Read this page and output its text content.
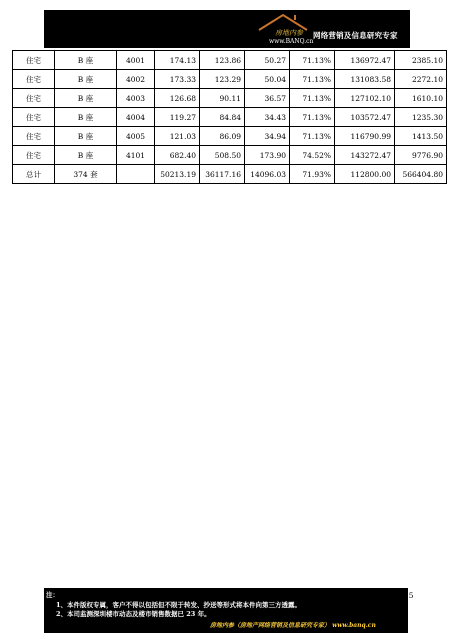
房地内参
www.BANQ.cn
网络营销及信息研究专家
住宅	B 座	4001	174.13	123.86	50.27	71.13%	136972.47	2385.10
住宅	B 座	4002	173.33	123.29	50.04	71.13%	131083.58	2272.10
住宅	B 座	4003	126.68	90.11	36.57	71.13%	127102.10	1610.10
住宅	B 座	4004	119.27	84.84	34.43	71.13%	103572.47	1235.30
住宅	B 座	4005	121.03	86.09	34.94	71.13%	116790.99	1413.50
住宅	B 座	4101	682.40	508.50	173.90	74.52%	143272.47	9776.90
总计	374 套		50213.19	36117.16	14096.03	71.93%	112800.00	566404.80
注：
1、本件版权专属，客户不得以包括但不限于转发、抄送等形式将本件向第三方透露。
2、本司监测深圳楼市动态及楼市销售数据已 23 年。
房地内参（房地产网络营销及信息研究专家） www.banq.cn
15
